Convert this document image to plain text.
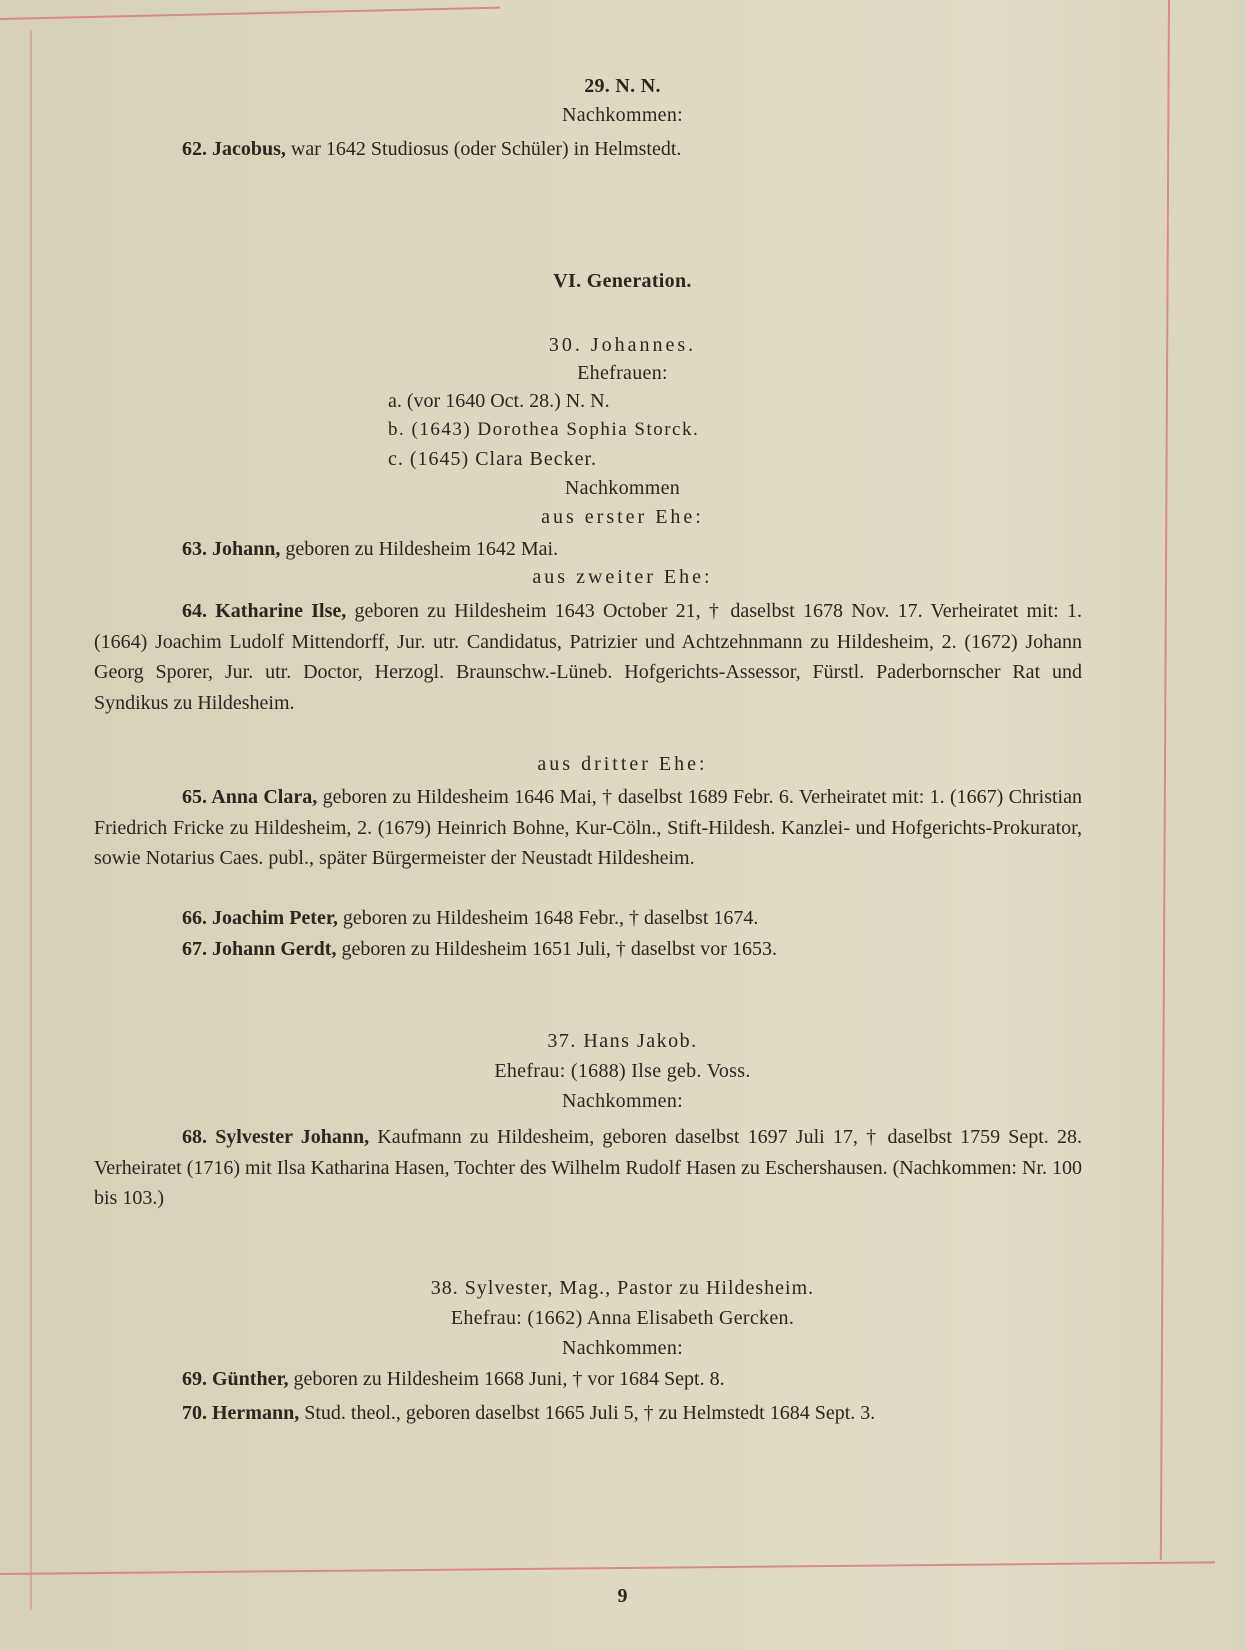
29. N. N.
Nachkommen:
62. Jacobus, war 1642 Studiosus (oder Schüler) in Helmstedt.
VI. Generation.
30. Johannes.
Ehefrauen:
a. (vor 1640 Oct. 28.) N. N.
b. (1643) Dorothea Sophia Storck.
c. (1645) Clara Becker.
Nachkommen
aus erster Ehe:
63. Johann, geboren zu Hildesheim 1642 Mai.
aus zweiter Ehe:
64. Katharine Ilse, geboren zu Hildesheim 1643 October 21, † daselbst 1678 Nov. 17. Verheiratet mit: 1. (1664) Joachim Ludolf Mittendorff, Jur. utr. Candidatus, Patrizier und Achtzehnmann zu Hildesheim, 2. (1672) Johann Georg Sporer, Jur. utr. Doctor, Herzogl. Braunschw.-Lüneb. Hofgerichts-Assessor, Fürstl. Paderbornscher Rat und Syndikus zu Hildesheim.
aus dritter Ehe:
65. Anna Clara, geboren zu Hildesheim 1646 Mai, † daselbst 1689 Febr. 6. Verheiratet mit: 1. (1667) Christian Friedrich Fricke zu Hildesheim, 2. (1679) Heinrich Bohne, Kur-Cöln., Stift-Hildesh. Kanzlei- und Hofgerichts-Prokurator, sowie Notarius Caes. publ., später Bürgermeister der Neustadt Hildesheim.
66. Joachim Peter, geboren zu Hildesheim 1648 Febr., † daselbst 1674.
67. Johann Gerdt, geboren zu Hildesheim 1651 Juli, † daselbst vor 1653.
37. Hans Jakob.
Ehefrau: (1688) Ilse geb. Voss.
Nachkommen:
68. Sylvester Johann, Kaufmann zu Hildesheim, geboren daselbst 1697 Juli 17, † daselbst 1759 Sept. 28. Verheiratet (1716) mit Ilsa Katharina Hasen, Tochter des Wilhelm Rudolf Hasen zu Eschershausen. (Nachkommen: Nr. 100 bis 103.)
38. Sylvester, Mag., Pastor zu Hildesheim.
Ehefrau: (1662) Anna Elisabeth Gercken.
Nachkommen:
69. Günther, geboren zu Hildesheim 1668 Juni, † vor 1684 Sept. 8.
70. Hermann, Stud. theol., geboren daselbst 1665 Juli 5, † zu Helmstedt 1684 Sept. 3.
9
